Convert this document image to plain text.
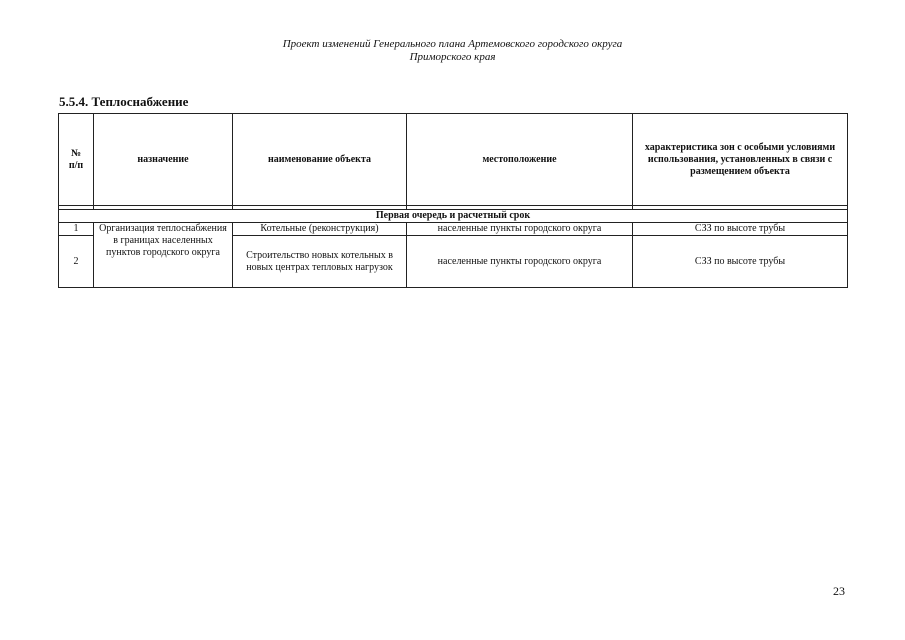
Проект изменений Генерального плана Артемовского городского округа
Приморского края
5.5.4. Теплоснабжение
№
п/п	назначение	наименование объекта	местоположение	характеристика зон с особыми условиями использования, установленных в связи с размещением объекта

Первая очередь и расчетный срок				
1	Организация теплоснабжения в границах населенных пунктов городского округа	Котельные (реконструкция)	населенные пункты городского округа	СЗЗ по высоте трубы
2		Строительство новых котельных в новых центрах тепловых нагрузок	населенные пункты городского округа	СЗЗ по высоте трубы
23
